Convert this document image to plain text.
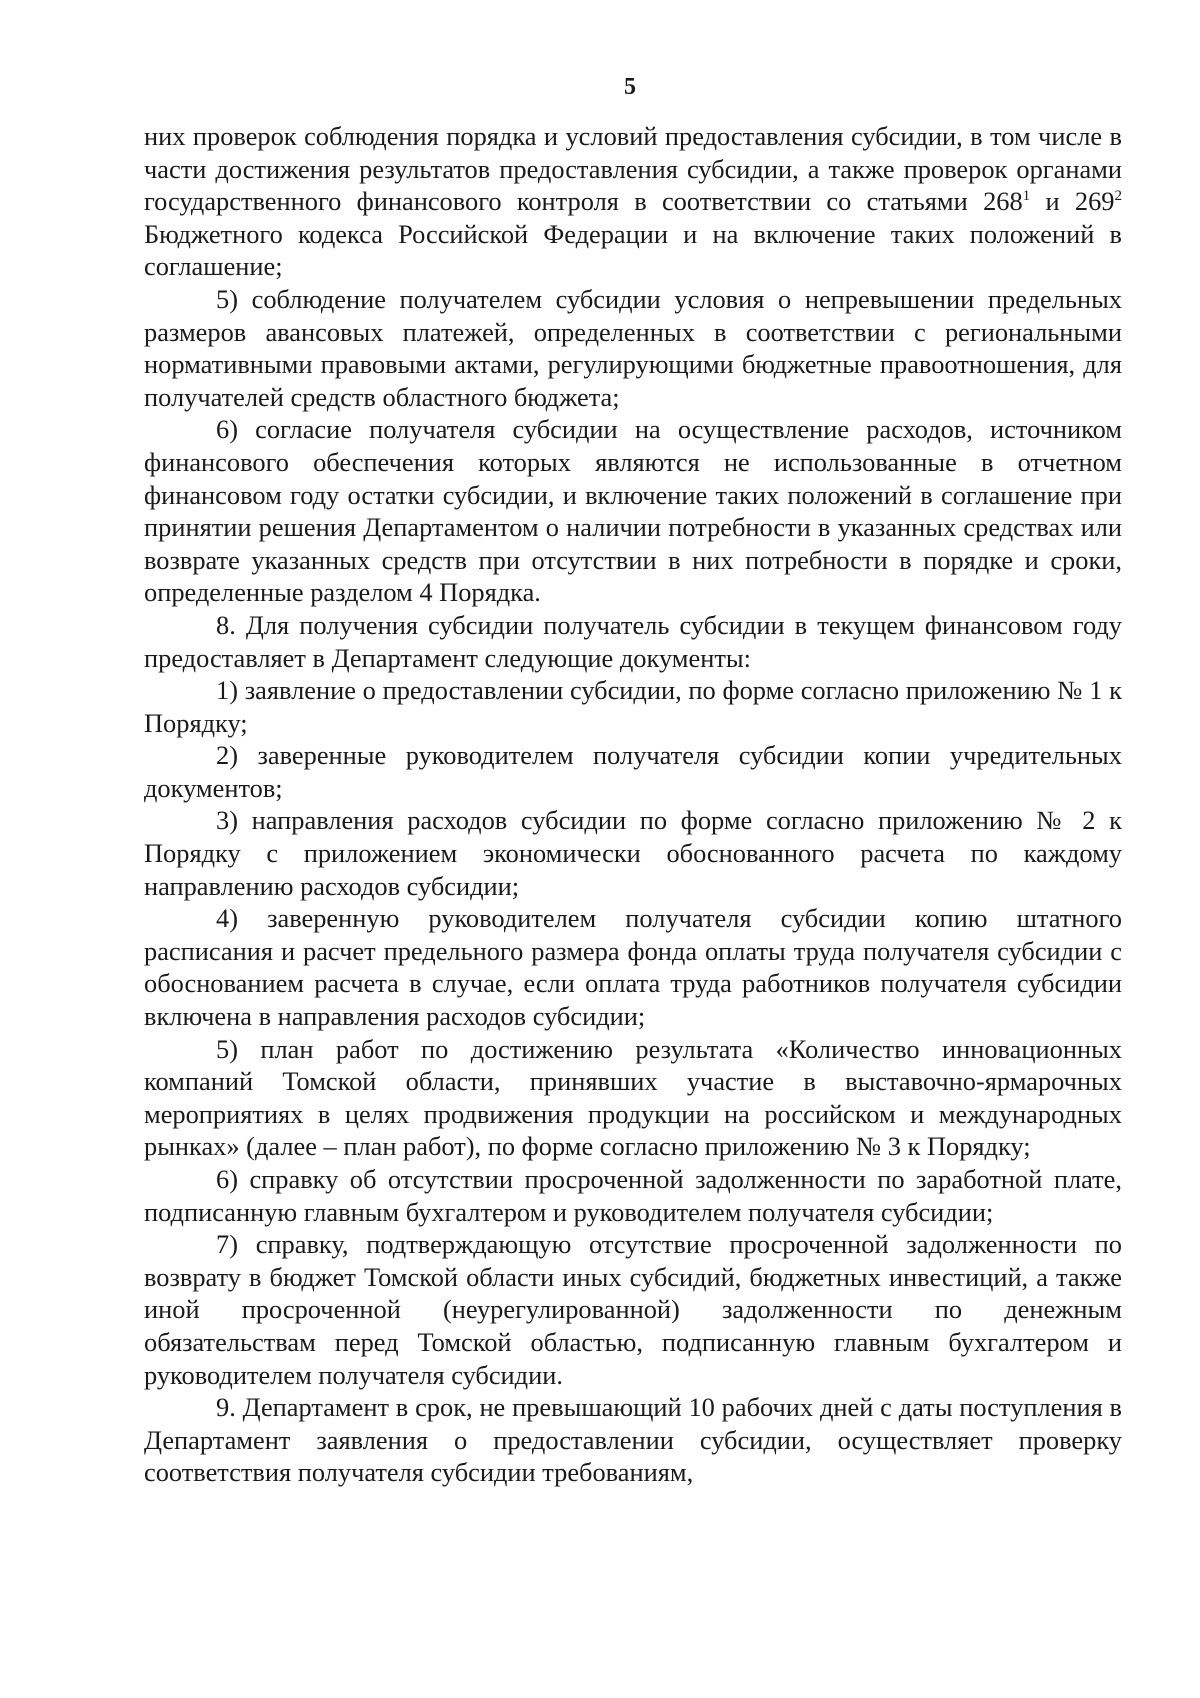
5

них проверок соблюдения порядка и условий предоставления субсидии, в том числе в части достижения результатов предоставления субсидии, а также проверок органами государственного финансового контроля в соответствии со статьями $268^1$ и $269^2$ Бюджетного кодекса Российской Федерации и на включение таких положений в соглашение;

5) соблюдение получателем субсидии условия о непревышении предельных размеров авансовых платежей, определенных в соответствии с региональными нормативными правовыми актами, регулирующими бюджетные правоотношения, для получателей средств областного бюджета;

6) согласие получателя субсидии на осуществление расходов, источником финансового обеспечения которых являются не использованные в отчетном финансовом году остатки субсидии, и включение таких положений в соглашение при принятии решения Департаментом о наличии потребности в указанных средствах или возврате указанных средств при отсутствии в них потребности в порядке и сроки, определенные разделом 4 Порядка.

8. Для получения субсидии получатель субсидии в текущем финансовом году предоставляет в Департамент следующие документы:

1) заявление о предоставлении субсидии, по форме согласно приложению № 1 к Порядку;

2) заверенные руководителем получателя субсидии копии учредительных документов;

3) направления расходов субсидии по форме согласно приложению № 2 к Порядку с приложением экономически обоснованного расчета по каждому направлению расходов субсидии;

4) заверенную руководителем получателя субсидии копию штатного расписания и расчет предельного размера фонда оплаты труда получателя субсидии с обоснованием расчета в случае, если оплата труда работников получателя субсидии включена в направления расходов субсидии;

5) план работ по достижению результата «Количество инновационных компаний Томской области, принявших участие в выставочно-ярмарочных мероприятиях в целях продвижения продукции на российском и международных рынках» (далее – план работ), по форме согласно приложению № 3 к Порядку;

6) справку об отсутствии просроченной задолженности по заработной плате, подписанную главным бухгалтером и руководителем получателя субсидии;

7) справку, подтверждающую отсутствие просроченной задолженности по возврату в бюджет Томской области иных субсидий, бюджетных инвестиций, а также иной просроченной (неурегулированной) задолженности по денежным обязательствам перед Томской областью, подписанную главным бухгалтером и руководителем получателя субсидии.

9. Департамент в срок, не превышающий 10 рабочих дней с даты поступления в Департамент заявления о предоставлении субсидии, осуществляет проверку соответствия получателя субсидии требованиям,
